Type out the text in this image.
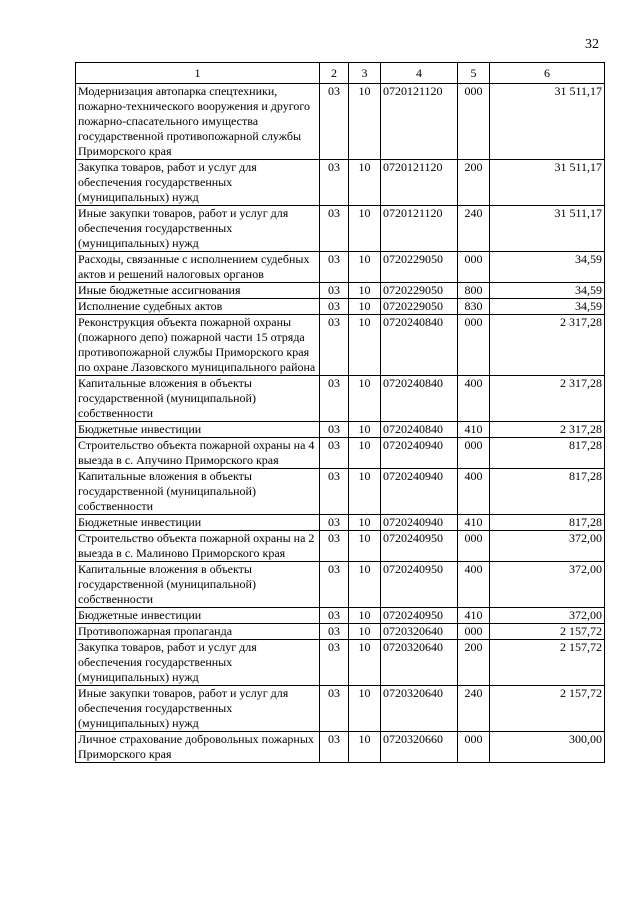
32
1	2	3	4	5	6
Модернизация автопарка спецтехники, пожарно-технического вооружения и другого пожарно-спасательного имущества государственной противопожарной службы Приморского края	03	10	0720121120	000	31 511,17
Закупка товаров, работ и услуг для обеспечения государственных (муниципальных) нужд	03	10	0720121120	200	31 511,17
Иные закупки товаров, работ и услуг для обеспечения государственных (муниципальных) нужд	03	10	0720121120	240	31 511,17
Расходы, связанные с исполнением судебных актов и решений налоговых органов	03	10	0720229050	000	34,59
Иные бюджетные ассигнования	03	10	0720229050	800	34,59
Исполнение судебных актов	03	10	0720229050	830	34,59
Реконструкция объекта пожарной охраны (пожарного депо) пожарной части 15 отряда противопожарной службы Приморского края по охране Лазовского муниципального района	03	10	0720240840	000	2 317,28
Капитальные вложения в объекты государственной (муниципальной) собственности	03	10	0720240840	400	2 317,28
Бюджетные инвестиции	03	10	0720240840	410	2 317,28
Строительство объекта пожарной охраны на 4 выезда в с. Апучино Приморского края	03	10	0720240940	000	817,28
Капитальные вложения в объекты государственной (муниципальной) собственности	03	10	0720240940	400	817,28
Бюджетные инвестиции	03	10	0720240940	410	817,28
Строительство объекта пожарной охраны на 2 выезда в с. Малиново Приморского края	03	10	0720240950	000	372,00
Капитальные вложения в объекты государственной (муниципальной) собственности	03	10	0720240950	400	372,00
Бюджетные инвестиции	03	10	0720240950	410	372,00
Противопожарная пропаганда	03	10	0720320640	000	2 157,72
Закупка товаров, работ и услуг для обеспечения государственных (муниципальных) нужд	03	10	0720320640	200	2 157,72
Иные закупки товаров, работ и услуг для обеспечения государственных (муниципальных) нужд	03	10	0720320640	240	2 157,72
Личное страхование добровольных пожарных Приморского края	03	10	0720320660	000	300,00
